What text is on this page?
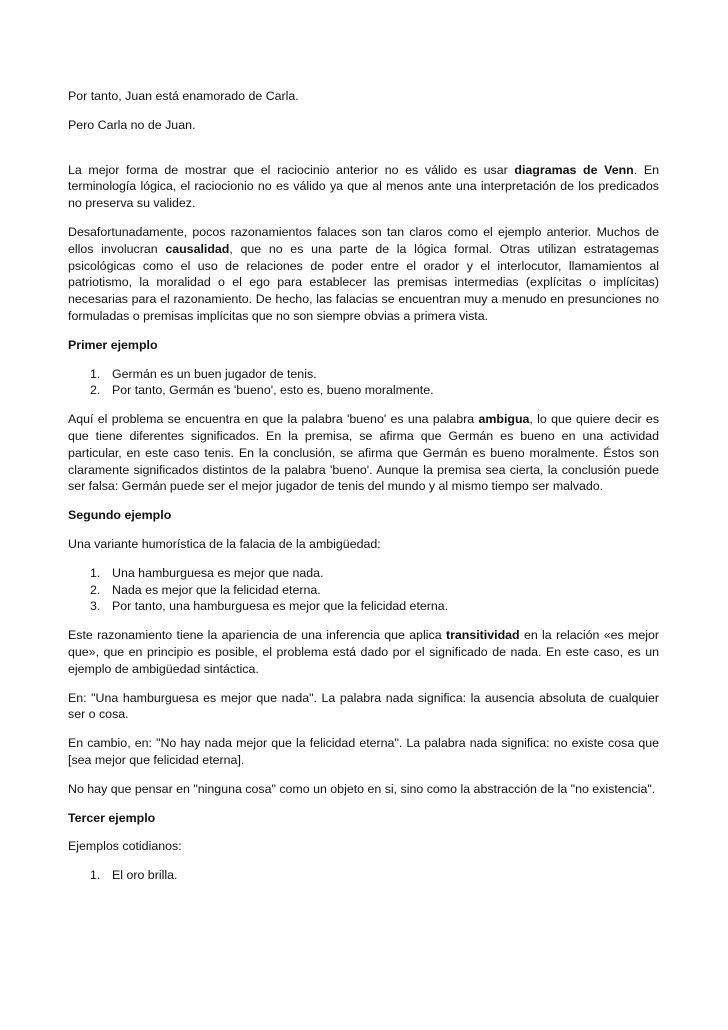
Por tanto, Juan está enamorado de Carla.

Pero Carla no de Juan.

La mejor forma de mostrar que el raciocinio anterior no es válido es usar diagramas de Venn. En terminología lógica, el raciocionio no es válido ya que al menos ante una interpretación de los predicados no preserva su validez.

Desafortunadamente, pocos razonamientos falaces son tan claros como el ejemplo anterior. Muchos de ellos involucran causalidad, que no es una parte de la lógica formal. Otras utilizan estratagemas psicológicas como el uso de relaciones de poder entre el orador y el interlocutor, llamamientos al patriotismo, la moralidad o el ego para establecer las premisas intermedias (explícitas o implícitas) necesarias para el razonamiento. De hecho, las falacias se encuentran muy a menudo en presunciones no formuladas o premisas implícitas que no son siempre obvias a primera vista.

Primer ejemplo

1. Germán es un buen jugador de tenis.
2. Por tanto, Germán es 'bueno', esto es, bueno moralmente.

Aquí el problema se encuentra en que la palabra 'bueno' es una palabra ambigua, lo que quiere decir es que tiene diferentes significados. En la premisa, se afirma que Germán es bueno en una actividad particular, en este caso tenis. En la conclusión, se afirma que Germán es bueno moralmente. Éstos son claramente significados distintos de la palabra 'bueno'. Aunque la premisa sea cierta, la conclusión puede ser falsa: Germán puede ser el mejor jugador de tenis del mundo y al mismo tiempo ser malvado.

Segundo ejemplo

Una variante humorística de la falacia de la ambigüedad:

1. Una hamburguesa es mejor que nada.
2. Nada es mejor que la felicidad eterna.
3. Por tanto, una hamburguesa es mejor que la felicidad eterna.

Este razonamiento tiene la apariencia de una inferencia que aplica transitividad en la relación «es mejor que», que en principio es posible, el problema está dado por el significado de nada. En este caso, es un ejemplo de ambigüedad sintáctica.

En: "Una hamburguesa es mejor que nada". La palabra nada significa: la ausencia absoluta de cualquier ser o cosa.

En cambio, en: "No hay nada mejor que la felicidad eterna". La palabra nada significa: no existe cosa que [sea mejor que felicidad eterna].

No hay que pensar en "ninguna cosa" como un objeto en si, sino como la abstracción de la "no existencia".

Tercer ejemplo

Ejemplos cotidianos:

1. El oro brilla.
